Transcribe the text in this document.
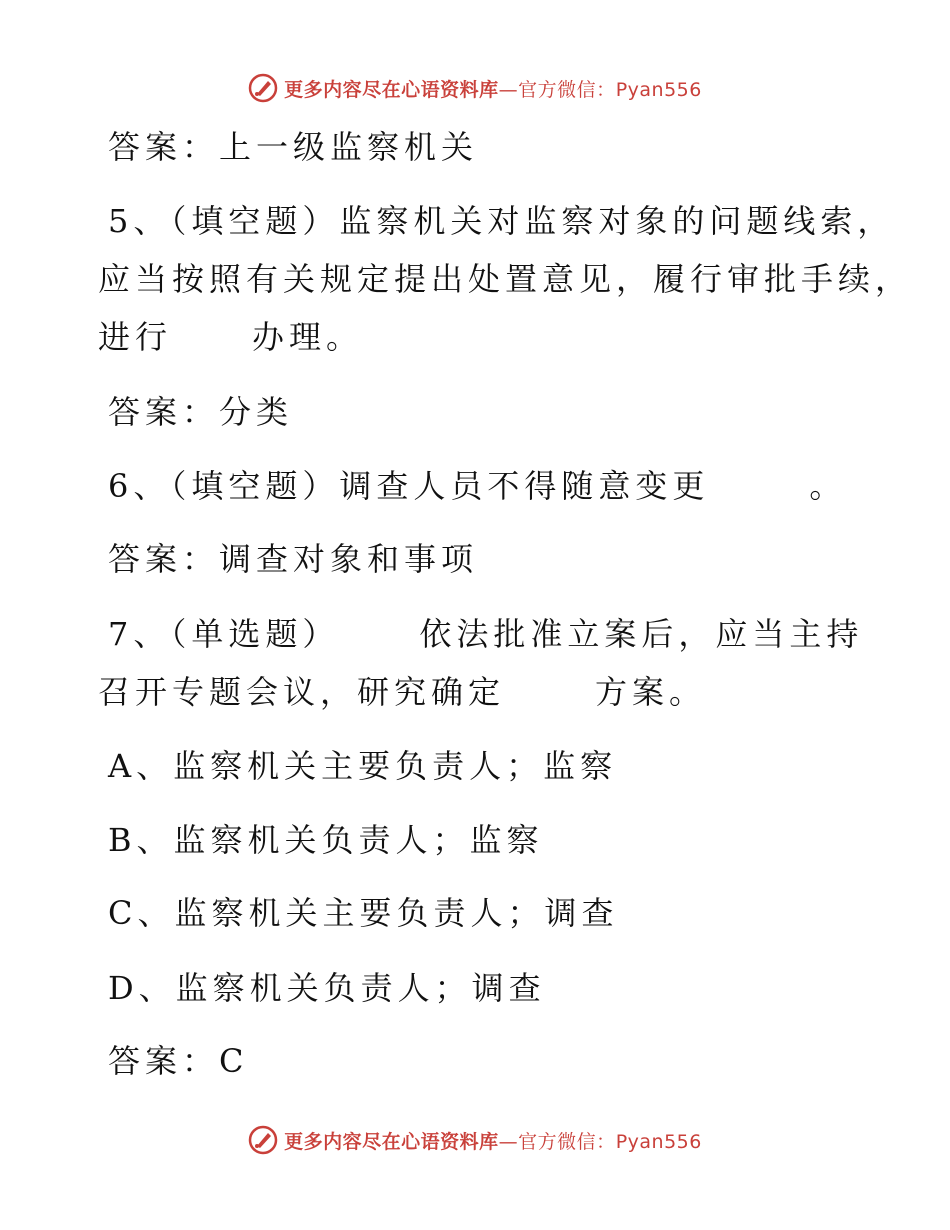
更多内容尽在心语资料库—官方微信：Pyan556
答案：上一级监察机关
5、（填空题）监察机关对监察对象的问题线索，
应当按照有关规定提出处置意见，履行审批手续，
进行	办理。
答案：分类
6、（填空题）调查人员不得随意变更	。
答案：调查对象和事项
7、（单选题）	依法批准立案后，应当主持
召开专题会议，研究确定	方案。
A、监察机关主要负责人；监察
B、监察机关负责人；监察
C、监察机关主要负责人；调查
D、监察机关负责人；调查
答案：C
更多内容尽在心语资料库—官方微信：Pyan556
